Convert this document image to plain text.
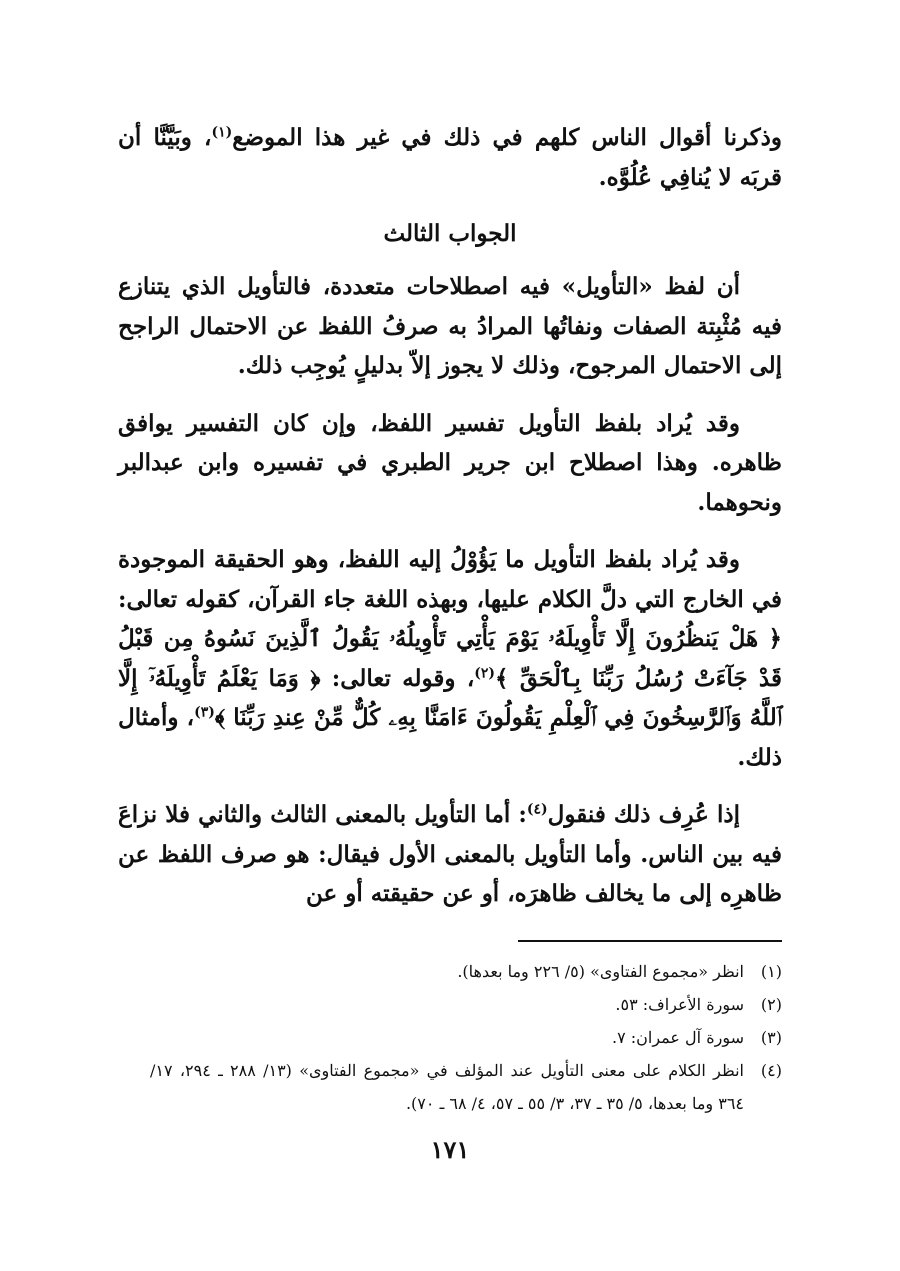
وذكرنا أقوال الناس كلهم في ذلك في غير هذا الموضع$^{(١)}$، وبَيَّنَّا أن قربَه لا يُنافِي عُلُوَّه.

الجواب الثالث

أن لفظ «التأويل» فيه اصطلاحات متعددة، فالتأويل الذي يتنازع فيه مُثْبِتة الصفات ونفاتُها المرادُ به صرفُ اللفظ عن الاحتمال الراجح إلى الاحتمال المرجوح، وذلك لا يجوز إلاّ بدليلٍ يُوجِب ذلك.

وقد يُراد بلفظ التأويل تفسير اللفظ، وإن كان التفسير يوافق ظاهره. وهذا اصطلاح ابن جرير الطبري في تفسيره وابن عبدالبر ونحوهما.

وقد يُراد بلفظ التأويل ما يَؤُوْلُ إليه اللفظ، وهو الحقيقة الموجودة في الخارج التي دلَّ الكلام عليها، وبهذه اللغة جاء القرآن، كقوله تعالى: ﴿ هَلْ يَنظُرُونَ إِلَّا تَأْوِيلَهُۥ يَوْمَ يَأْتِي تَأْوِيلُهُۥ يَقُولُ ٱلَّذِينَ نَسُوهُ مِن قَبْلُ قَدْ جَآءَتْ رُسُلُ رَبِّنَا بِٱلْحَقِّ ﴾$^{(٢)}$، وقوله تعالى: ﴿ وَمَا يَعْلَمُ تَأْوِيلَهُۥٓ إِلَّا ٱللَّهُ وَٱلرَّٰسِخُونَ فِي ٱلْعِلْمِ يَقُولُونَ ءَامَنَّا بِهِۦ كُلٌّ مِّنْ عِندِ رَبِّنَا ﴾$^{(٣)}$، وأمثال ذلك.

إذا عُرِف ذلك فنقول$^{(٤)}$: أما التأويل بالمعنى الثالث والثاني فلا نزاعَ فيه بين الناس. وأما التأويل بالمعنى الأول فيقال: هو صرف اللفظ عن ظاهرِه إلى ما يخالف ظاهرَه، أو عن حقيقته أو عن

(١)
انظر «مجموع الفتاوى» (٥/ ٢٢٦ وما بعدها).
(٢)
سورة الأعراف: ٥٣.
(٣)
سورة آل عمران: ٧.
(٤)
انظر الكلام على معنى التأويل عند المؤلف في «مجموع الفتاوى» (١٣/ ٢٨٨ ـ ٢٩٤، ١٧/ ٣٦٤ وما بعدها، ٥/ ٣٥ ـ ٣٧، ٣/ ٥٥ ـ ٥٧، ٤/ ٦٨ ـ ٧٠).
١٧١
